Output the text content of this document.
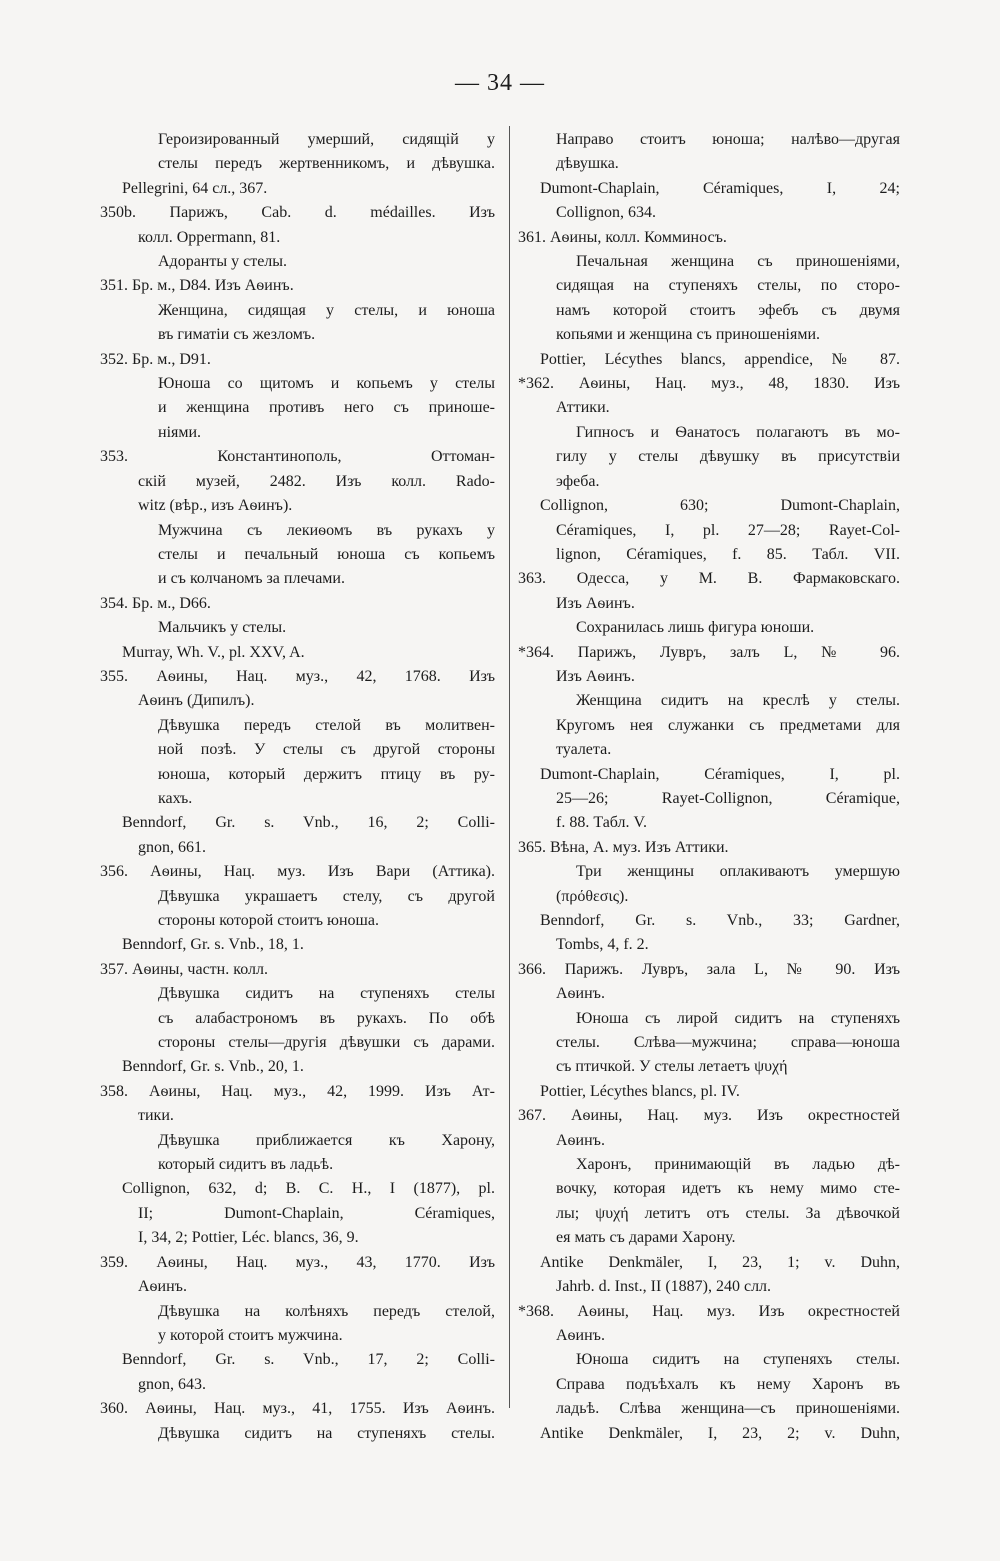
— 34 —
Героизированный умерший, сидящій у
стелы передъ жертвенникомъ, и дѣвушка.
Pellegrini, 64 сл., 367.
350b. Парижъ, Cab. d. médailles. Изъ
колл. Oppermann, 81.
Адоранты у стелы.
351. Бр. м., D84. Изъ Аѳинъ.
Женщина, сидящая у стелы, и юноша
въ гиматіи съ жезломъ.
352. Бр. м., D91.
Юноша со щитомъ и копьемъ у стелы
и женщина противъ него съ приноше-
ніями.
353. Константинополь, Оттоман-
скій музей, 2482. Изъ колл. Rado-
witz (вѣр., изъ Аѳинъ).
Мужчина съ лекиѳомъ въ рукахъ у
стелы и печальный юноша съ копьемъ
и съ колчаномъ за плечами.
354. Бр. м., D66.
Мальчикъ у стелы.
Murray, Wh. V., pl. XXV, A.
355. Аѳины, Нац. муз., 42, 1768. Изъ
Аѳинъ (Дипилъ).
Дѣвушка передъ стелой въ молитвен-
ной позѣ. У стелы съ другой стороны
юноша, который держитъ птицу въ ру-
кахъ.
Benndorf, Gr. s. Vnb., 16, 2; Colli-
gnon, 661.
356. Аѳины, Нац. муз. Изъ Вари (Аттика).
Дѣвушка украшаетъ стелу, съ другой
стороны которой стоитъ юноша.
Benndorf, Gr. s. Vnb., 18, 1.
357. Аѳины, частн. колл.
Дѣвушка сидитъ на ступеняхъ стелы
съ алабастрономъ въ рукахъ. По обѣ
стороны стелы—другія дѣвушки съ дарами.
Benndorf, Gr. s. Vnb., 20, 1.
358. Аѳины, Нац. муз., 42, 1999. Изъ Ат-
тики.
Дѣвушка приближается къ Харону,
который сидитъ въ ладьѣ.
Collignon, 632, d; B. C. H., I (1877), pl.
II; Dumont-Chaplain, Céramiques,
I, 34, 2; Pottier, Léc. blancs, 36, 9.
359. Аѳины, Нац. муз., 43, 1770. Изъ
Аѳинъ.
Дѣвушка на колѣняхъ передъ стелой,
у которой стоитъ мужчина.
Benndorf, Gr. s. Vnb., 17, 2; Colli-
gnon, 643.
360. Аѳины, Нац. муз., 41, 1755. Изъ Аѳинъ.
Дѣвушка сидитъ на ступеняхъ стелы.
Направо стоитъ юноша; налѣво—другая
дѣвушка.
Dumont-Chaplain, Céramiques, I, 24;
Collignon, 634.
361. Аѳины, колл. Комминосъ.
Печальная женщина съ приношеніями,
сидящая на ступеняхъ стелы, по сторо-
намъ которой стоитъ эфебъ съ двумя
копьями и женщина съ приношеніями.
Pottier, Lécythes blancs, appendice, № 87.
*362. Аѳины, Нац. муз., 48, 1830. Изъ
Аттики.
Гипносъ и Ѳанатосъ полагаютъ въ мо-
гилу у стелы дѣвушку въ присутствіи
эфеба.
Collignon, 630; Dumont-Chaplain,
Céramiques, I, pl. 27—28; Rayet-Col-
lignon, Céramiques, f. 85. Табл. VII.
363. Одесса, у М. В. Фармаковскаго.
Изъ Аѳинъ.
Сохранилась лишь фигура юноши.
*364. Парижъ, Лувръ, залъ L, № 96.
Изъ Аѳинъ.
Женщина сидитъ на креслѣ у стелы.
Кругомъ нея служанки съ предметами для
туалета.
Dumont-Chaplain, Céramiques, I, pl.
25—26; Rayet-Collignon, Céramique,
f. 88. Табл. V.
365. Вѣна, А. муз. Изъ Аттики.
Три женщины оплакиваютъ умершую
(πρόθεσις).
Benndorf, Gr. s. Vnb., 33; Gardner,
Tombs, 4, f. 2.
366. Парижъ. Лувръ, зала L, № 90. Изъ
Аѳинъ.
Юноша съ лирой сидитъ на ступеняхъ
стелы. Слѣва—мужчина; справа—юноша
съ птичкой. У стелы летаетъ ψυχή
Pottier, Lécythes blancs, pl. IV.
367. Аѳины, Нац. муз. Изъ окрестностей
Аѳинъ.
Харонъ, принимающій въ ладью дѣ-
вочку, которая идетъ къ нему мимо сте-
лы; ψυχή летитъ отъ стелы. За дѣвочкой
ея мать съ дарами Харону.
Antike Denkmäler, I, 23, 1; v. Duhn,
Jahrb. d. Inst., II (1887), 240 слл.
*368. Аѳины, Нац. муз. Изъ окрестностей
Аѳинъ.
Юноша сидитъ на ступеняхъ стелы.
Справа подъѣхалъ къ нему Харонъ въ
ладьѣ. Слѣва женщина—съ приношеніями.
Antike Denkmäler, I, 23, 2; v. Duhn,
